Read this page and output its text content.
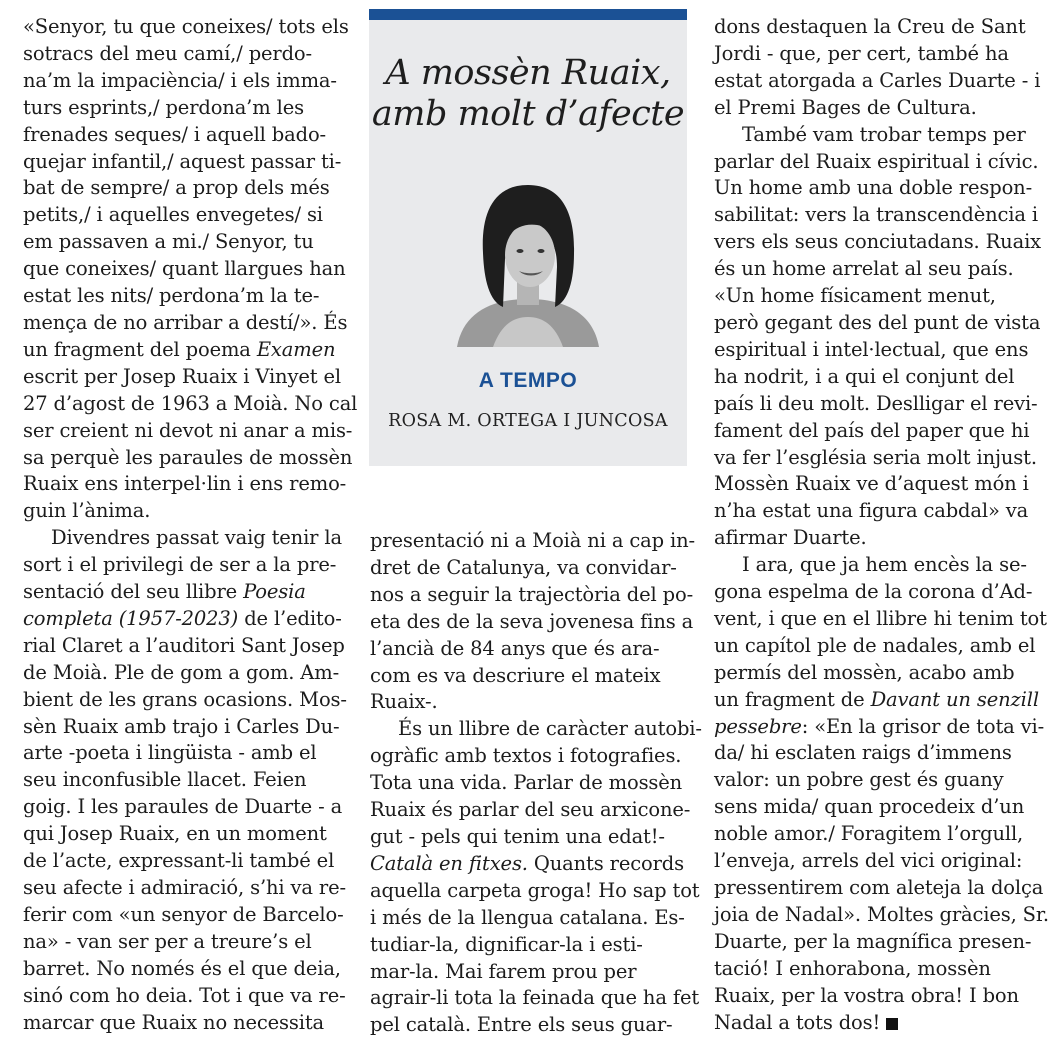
«Senyor, tu que coneixes/ tots els
sotracs del meu camí,/ perdo-
na’m la impaciència/ i els imma-
turs esprints,/ perdona’m les
frenades seques/ i aquell bado-
quejar infantil,/ aquest passar ti-
bat de sempre/ a prop dels més
petits,/ i aquelles envegetes/ si
em passaven a mi./ Senyor, tu
que coneixes/ quant llargues han
estat les nits/ perdona’m la te-
mença de no arribar a destí/». És
un fragment del poema Examen
escrit per Josep Ruaix i Vinyet el
27 d’agost de 1963 a Moià. No cal
ser creient ni devot ni anar a mis-
sa perquè les paraules de mossèn
Ruaix ens interpel·lin i ens remo-
guin l’ànima.
Divendres passat vaig tenir la
sort i el privilegi de ser a la pre-
sentació del seu llibre Poesia
completa (1957-2023) de l’edito-
rial Claret a l’auditori Sant Josep
de Moià. Ple de gom a gom. Am-
bient de les grans ocasions. Mos-
sèn Ruaix amb trajo i Carles Du-
arte -poeta i lingüista - amb el
seu inconfusible llacet. Feien
goig. I les paraules de Duarte - a
qui Josep Ruaix, en un moment
de l’acte, expressant-li també el
seu afecte i admiració, s’hi va re-
ferir com «un senyor de Barcelo-
na» - van ser per a treure’s el
barret. No només és el que deia,
sinó com ho deia. Tot i que va re-
marcar que Ruaix no necessita
A mossèn Ruaix,
amb molt d’afecte
A TEMPO
ROSA M. ORTEGA I JUNCOSA
presentació ni a Moià ni a cap in-
dret de Catalunya, va convidar-
nos a seguir la trajectòria del po-
eta des de la seva jovenesa fins a
l’ancià de 84 anys que és ara-
com es va descriure el mateix
Ruaix-.
És un llibre de caràcter autobi-
ogràfic amb textos i fotografies.
Tota una vida. Parlar de mossèn
Ruaix és parlar del seu arxicone-
gut - pels qui tenim una edat!-
Català en fitxes. Quants records
aquella carpeta groga! Ho sap tot
i més de la llengua catalana. Es-
tudiar-la, dignificar-la i esti-
mar-la. Mai farem prou per
agrair-li tota la feinada que ha fet
pel català. Entre els seus guar-
dons destaquen la Creu de Sant
Jordi - que, per cert, també ha
estat atorgada a Carles Duarte - i
el Premi Bages de Cultura.
També vam trobar temps per
parlar del Ruaix espiritual i cívic.
Un home amb una doble respon-
sabilitat: vers la transcendència i
vers els seus conciutadans. Ruaix
és un home arrelat al seu país.
«Un home físicament menut,
però gegant des del punt de vista
espiritual i intel·lectual, que ens
ha nodrit, i a qui el conjunt del
país li deu molt. Deslligar el revi-
fament del país del paper que hi
va fer l’església seria molt injust.
Mossèn Ruaix ve d’aquest món i
n’ha estat una figura cabdal» va
afirmar Duarte.
I ara, que ja hem encès la se-
gona espelma de la corona d’Ad-
vent, i que en el llibre hi tenim tot
un capítol ple de nadales, amb el
permís del mossèn, acabo amb
un fragment de Davant un senzill
pessebre: «En la grisor de tota vi-
da/ hi esclaten raigs d’immens
valor: un pobre gest és guany
sens mida/ quan procedeix d’un
noble amor./ Foragitem l’orgull,
l’enveja, arrels del vici original:
pressentirem com aleteja la dolça
joia de Nadal». Moltes gràcies, Sr.
Duarte, per la magnífica presen-
tació! I enhorabona, mossèn
Ruaix, per la vostra obra! I bon
Nadal a tots dos!
